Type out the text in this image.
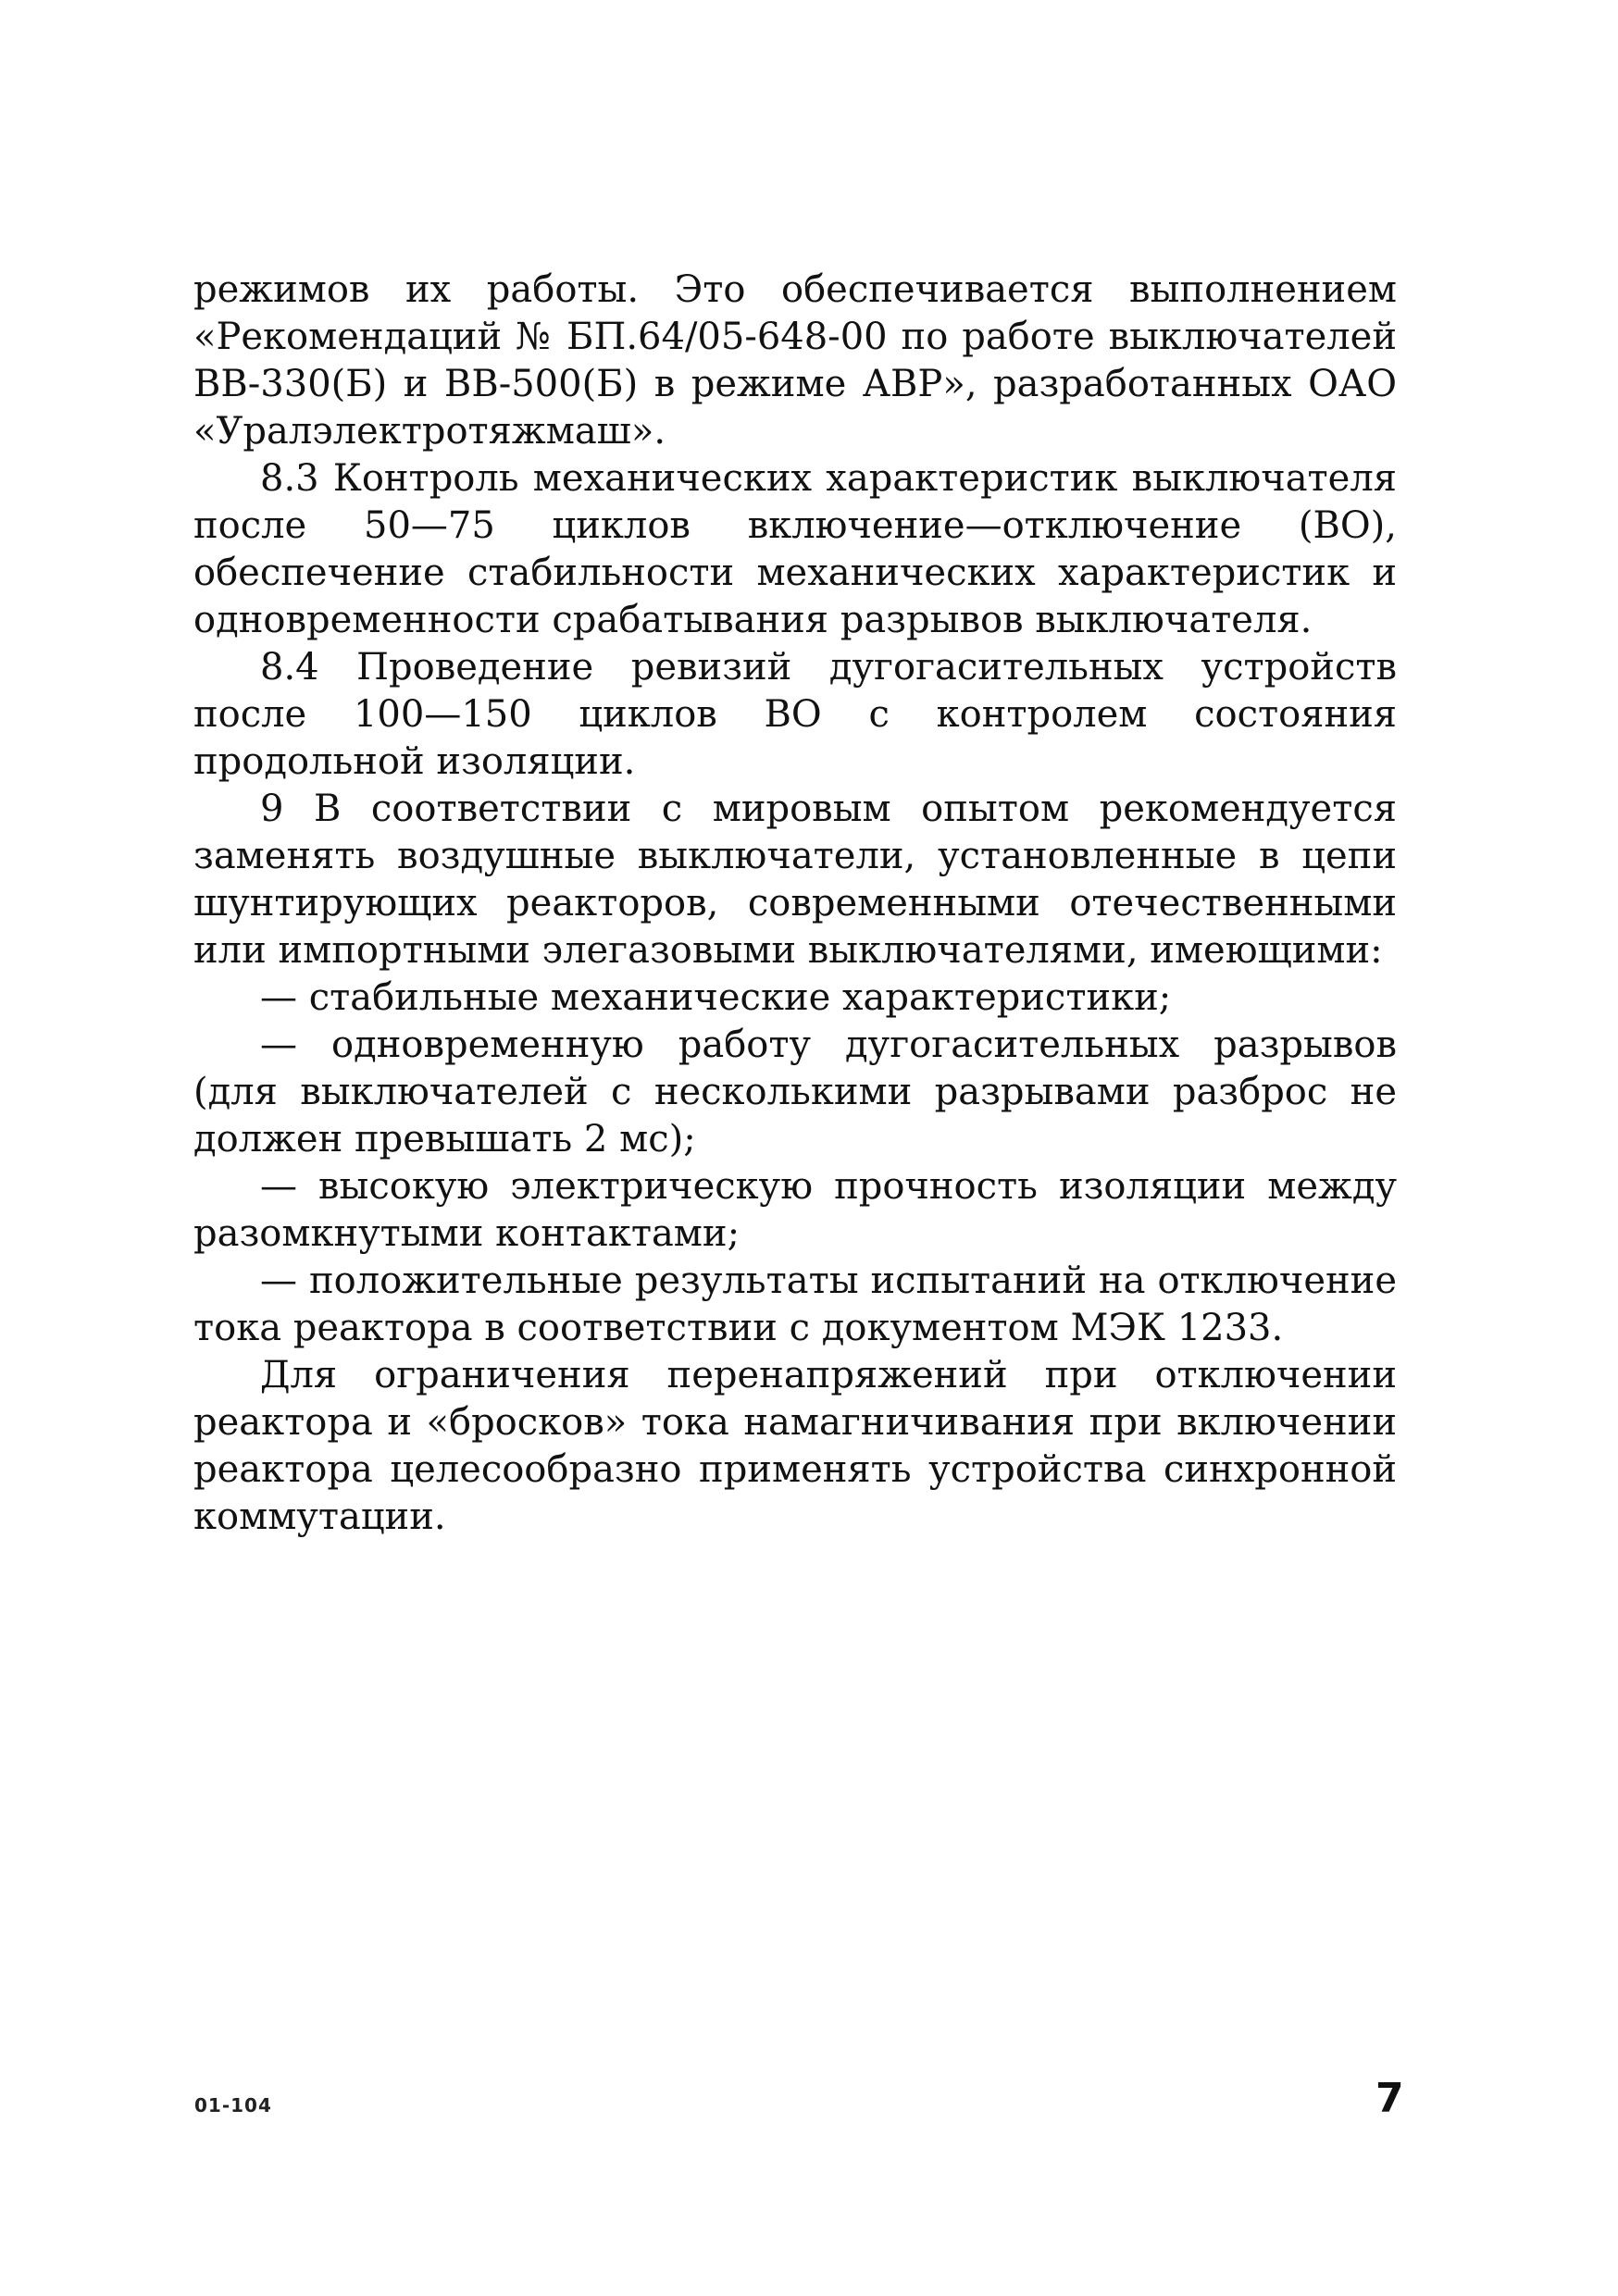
режимов их работы. Это обеспечивается выполнением «Рекомендаций № БП.64/05-648-00 по работе выключателей ВВ-330(Б) и ВВ-500(Б) в режиме АВР», разработанных ОАО «Уралэлектротяжмаш».

8.3 Контроль механических характеристик выключателя после 50—75 циклов включение—отключение (ВО), обеспечение стабильности механических характеристик и одновременности срабатывания разрывов выключателя.

8.4 Проведение ревизий дугогасительных устройств после 100—150 циклов ВО с контролем состояния продольной изоляции.

9 В соответствии с мировым опытом рекомендуется заменять воздушные выключатели, установленные в цепи шунтирующих реакторов, современными отечественными или импортными элегазовыми выключателями, имеющими:

— стабильные механические характеристики;

— одновременную работу дугогасительных разрывов (для выключателей с несколькими разрывами разброс не должен превышать 2 мс);

— высокую электрическую прочность изоляции между разомкнутыми контактами;

— положительные результаты испытаний на отключение тока реактора в соответствии с документом МЭК 1233.

Для ограничения перенапряжений при отключении реактора и «бросков» тока намагничивания при включении реактора целесообразно применять устройства синхронной коммутации.

01-104	7
